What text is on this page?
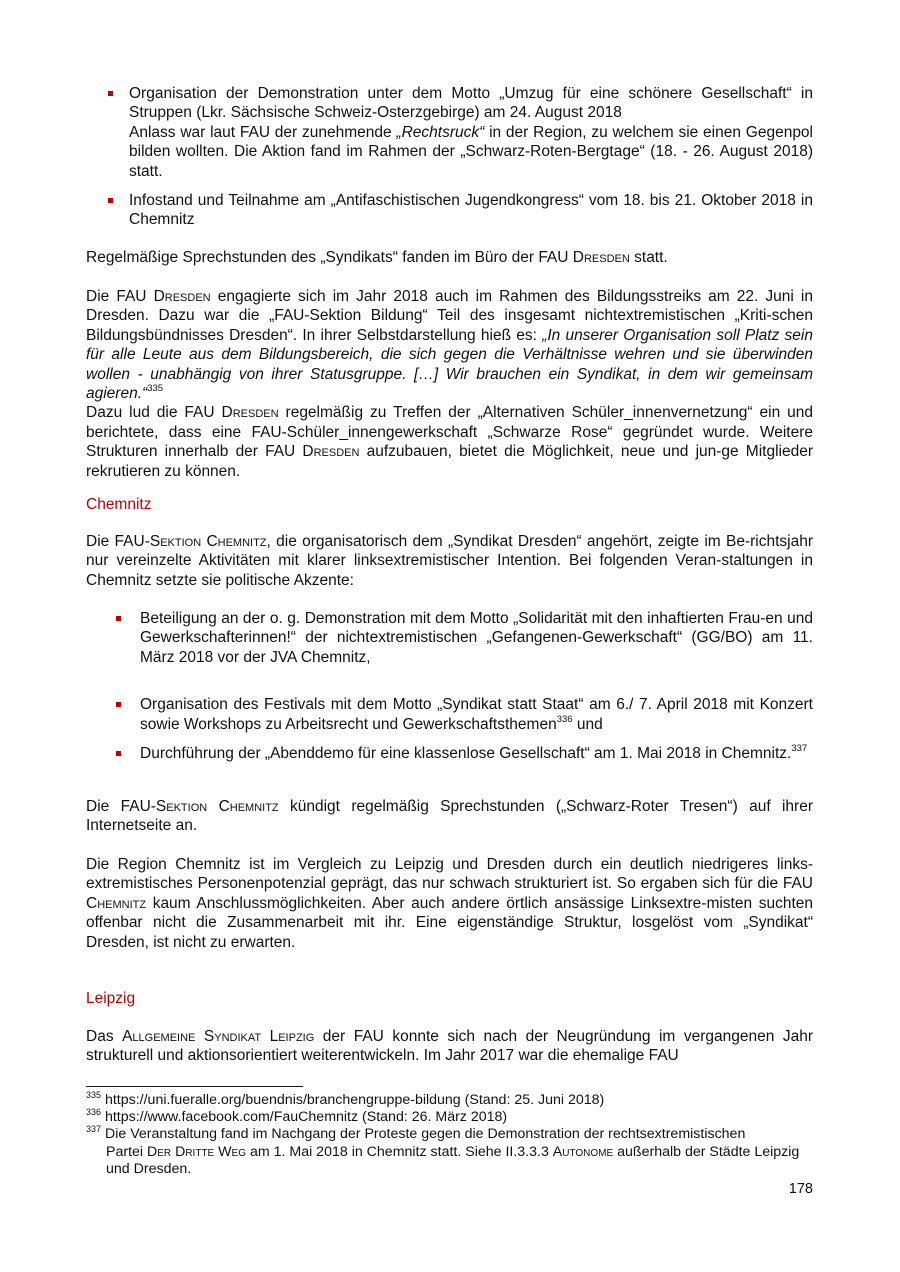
Organisation der Demonstration unter dem Motto „Umzug für eine schönere Gesellschaft“ in Struppen (Lkr. Sächsische Schweiz-Osterzgebirge) am 24. August 2018
Anlass war laut FAU der zunehmende „Rechtsruck“ in der Region, zu welchem sie einen Gegenpol bilden wollten. Die Aktion fand im Rahmen der „Schwarz-Roten-Bergtage“ (18. - 26. August 2018) statt.

Infostand und Teilnahme am „Antifaschistischen Jugendkongress“ vom 18. bis 21. Oktober 2018 in Chemnitz

Regelmäßige Sprechstunden des „Syndikats“ fanden im Büro der FAU Dresden statt.

Die FAU Dresden engagierte sich im Jahr 2018 auch im Rahmen des Bildungsstreiks am 22. Juni in Dresden. Dazu war die „FAU-Sektion Bildung“ Teil des insgesamt nichtextremistischen „Kriti-schen Bildungsbündnisses Dresden“. In ihrer Selbstdarstellung hieß es: „In unserer Organisation soll Platz sein für alle Leute aus dem Bildungsbereich, die sich gegen die Verhältnisse wehren und sie überwinden wollen - unabhängig von ihrer Statusgruppe. […] Wir brauchen ein Syndikat, in dem wir gemeinsam agieren.“$^{335}$

Dazu lud die FAU Dresden regelmäßig zu Treffen der „Alternativen Schüler_innenvernetzung“ ein und berichtete, dass eine FAU-Schüler_innengewerkschaft „Schwarze Rose“ gegründet wurde. Weitere Strukturen innerhalb der FAU Dresden aufzubauen, bietet die Möglichkeit, neue und jun-ge Mitglieder rekrutieren zu können.

Chemnitz

Die FAU-Sektion Chemnitz, die organisatorisch dem „Syndikat Dresden“ angehört, zeigte im Be-richtsjahr nur vereinzelte Aktivitäten mit klarer linksextremistischer Intention. Bei folgenden Veran-staltungen in Chemnitz setzte sie politische Akzente:

Beteiligung an der o. g. Demonstration mit dem Motto „Solidarität mit den inhaftierten Frau-en und Gewerkschafterinnen!“ der nichtextremistischen „Gefangenen-Gewerkschaft“ (GG/BO) am 11. März 2018 vor der JVA Chemnitz,

Organisation des Festivals mit dem Motto „Syndikat statt Staat“ am 6./ 7. April 2018 mit Konzert sowie Workshops zu Arbeitsrecht und Gewerkschaftsthemen$^{336}$ und

Durchführung der „Abenddemo für eine klassenlose Gesellschaft“ am 1. Mai 2018 in Chemnitz.$^{337}$

Die FAU-Sektion Chemnitz kündigt regelmäßig Sprechstunden („Schwarz-Roter Tresen“) auf ihrer Internetseite an.

Die Region Chemnitz ist im Vergleich zu Leipzig und Dresden durch ein deutlich niedrigeres links-extremistisches Personenpotenzial geprägt, das nur schwach strukturiert ist. So ergaben sich für die FAU Chemnitz kaum Anschlussmöglichkeiten. Aber auch andere örtlich ansässige Linksextre-misten suchten offenbar nicht die Zusammenarbeit mit ihr. Eine eigenständige Struktur, losgelöst vom „Syndikat“ Dresden, ist nicht zu erwarten.

Leipzig

Das Allgemeine Syndikat Leipzig der FAU konnte sich nach der Neugründung im vergangenen Jahr strukturell und aktionsorientiert weiterentwickeln. Im Jahr 2017 war die ehemalige FAU

$^{335}$ https://uni.fueralle.org/buendnis/branchengruppe-bildung (Stand: 25. Juni 2018)
$^{336}$ https://www.facebook.com/FauChemnitz (Stand: 26. März 2018)
$^{337}$ Die Veranstaltung fand im Nachgang der Proteste gegen die Demonstration der rechtsextremistischen
Partei Der Dritte Weg am 1. Mai 2018 in Chemnitz statt. Siehe II.3.3.3 Autonome außerhalb der Städte Leipzig und Dresden.
178
